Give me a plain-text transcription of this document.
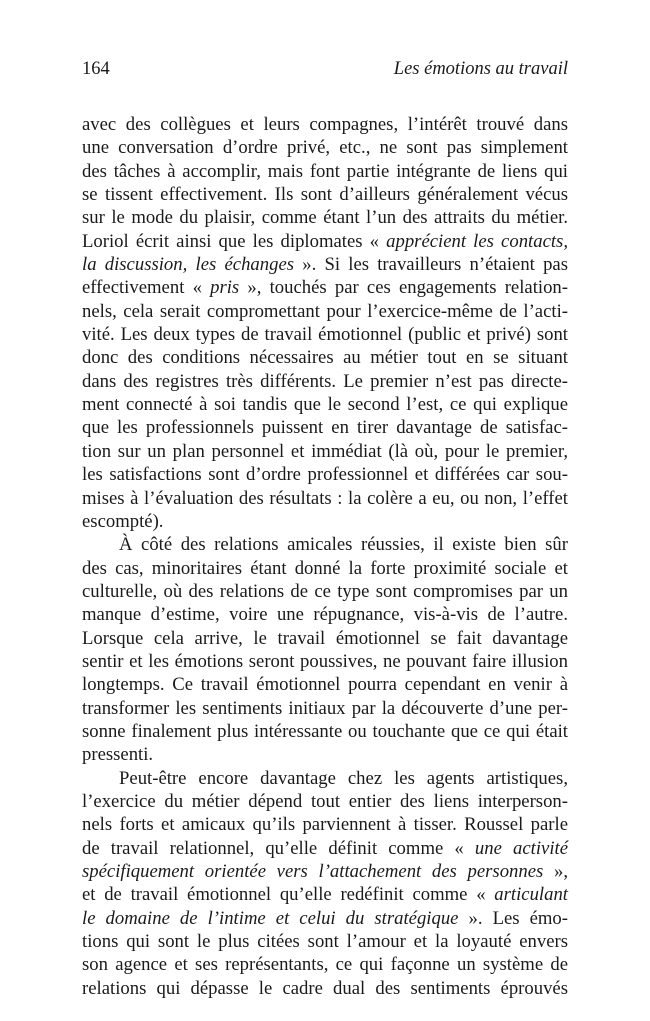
164	Les émotions au travail
avec des collègues et leurs compagnes, l’intérêt trouvé dans
une conversation d’ordre privé, etc., ne sont pas simplement
des tâches à accomplir, mais font partie intégrante de liens qui
se tissent effectivement. Ils sont d’ailleurs généralement vécus
sur le mode du plaisir, comme étant l’un des attraits du métier.
Loriol écrit ainsi que les diplomates « apprécient les contacts,
la discussion, les échanges ». Si les travailleurs n’étaient pas
effectivement « pris », touchés par ces engagements relation-
nels, cela serait compromettant pour l’exercice-même de l’acti-
vité. Les deux types de travail émotionnel (public et privé) sont
donc des conditions nécessaires au métier tout en se situant
dans des registres très différents. Le premier n’est pas directe-
ment connecté à soi tandis que le second l’est, ce qui explique
que les professionnels puissent en tirer davantage de satisfac-
tion sur un plan personnel et immédiat (là où, pour le premier,
les satisfactions sont d’ordre professionnel et différées car sou-
mises à l’évaluation des résultats : la colère a eu, ou non, l’effet
escompté).
À côté des relations amicales réussies, il existe bien sûr
des cas, minoritaires étant donné la forte proximité sociale et
culturelle, où des relations de ce type sont compromises par un
manque d’estime, voire une répugnance, vis-à-vis de l’autre.
Lorsque cela arrive, le travail émotionnel se fait davantage
sentir et les émotions seront poussives, ne pouvant faire illusion
longtemps. Ce travail émotionnel pourra cependant en venir à
transformer les sentiments initiaux par la découverte d’une per-
sonne finalement plus intéressante ou touchante que ce qui était
pressenti.
Peut-être encore davantage chez les agents artistiques,
l’exercice du métier dépend tout entier des liens interperson-
nels forts et amicaux qu’ils parviennent à tisser. Roussel parle
de travail relationnel, qu’elle définit comme « une activité
spécifiquement orientée vers l’attachement des personnes »,
et de travail émotionnel qu’elle redéfinit comme « articulant
le domaine de l’intime et celui du stratégique ». Les émo-
tions qui sont le plus citées sont l’amour et la loyauté envers
son agence et ses représentants, ce qui façonne un système de
relations qui dépasse le cadre dual des sentiments éprouvés
